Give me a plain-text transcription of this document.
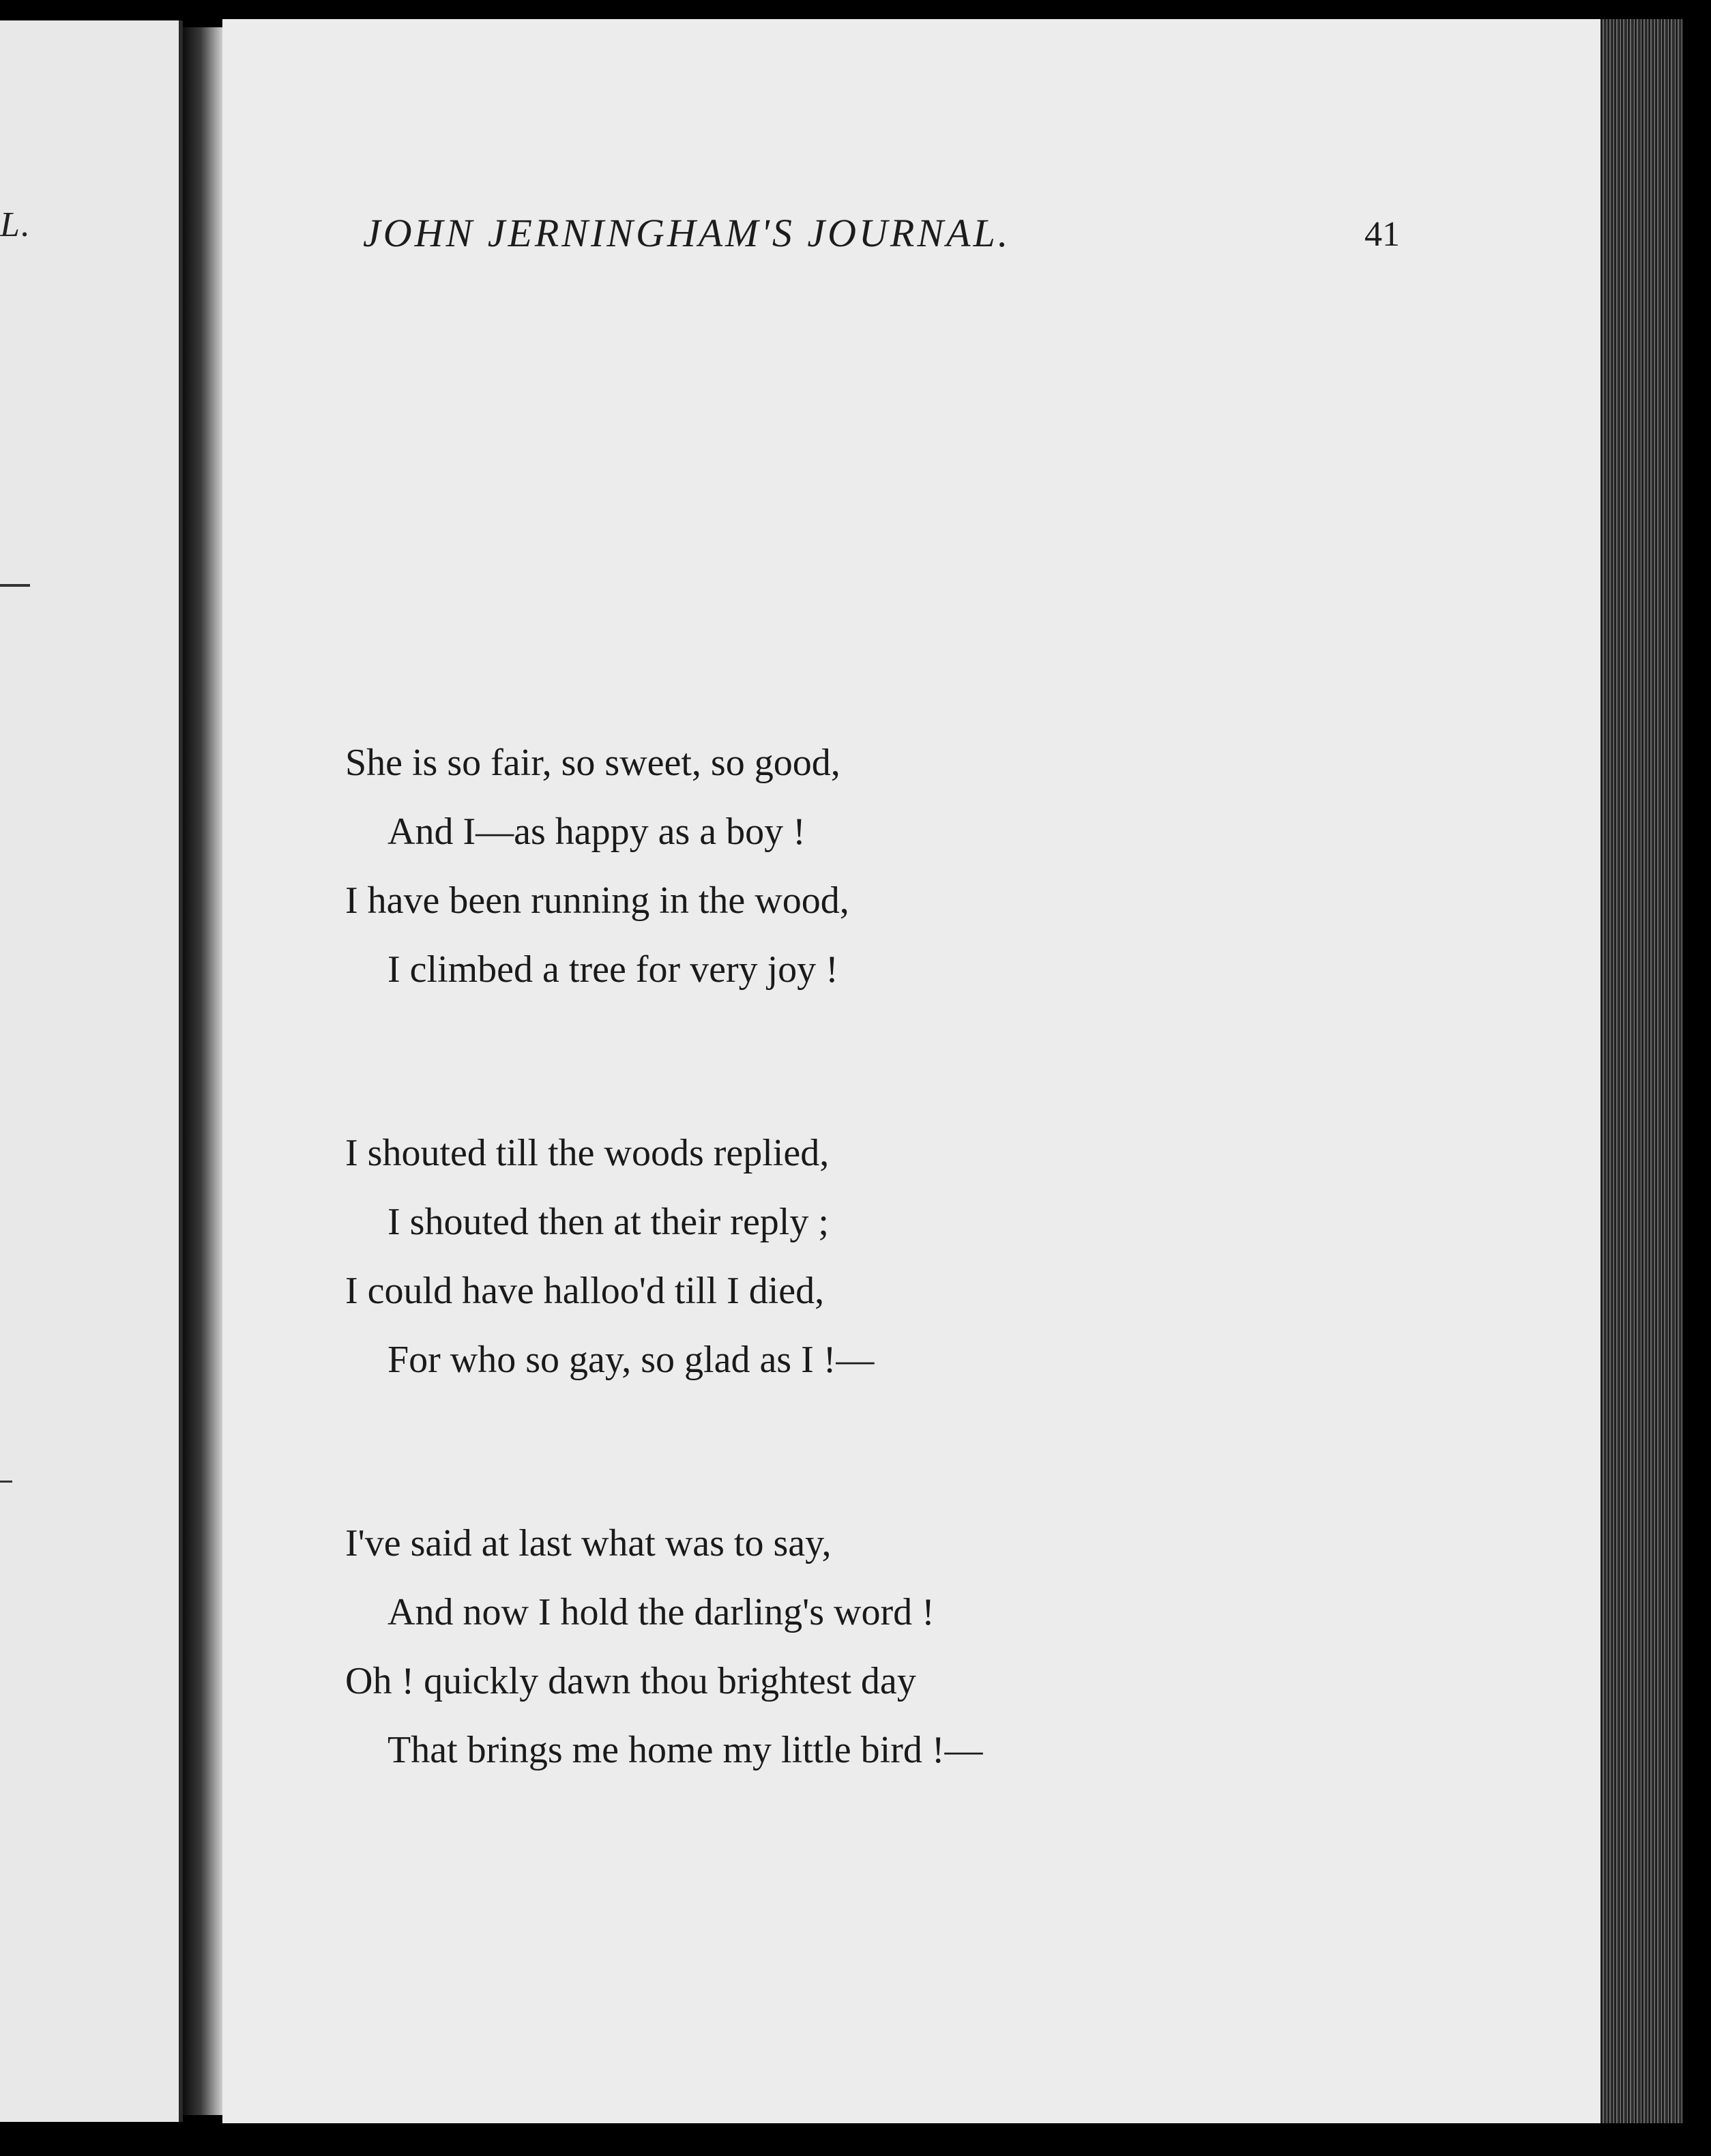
L.	JOHN JERNINGHAM'S JOURNAL.	41

She is so fair, so sweet, so good,
And I—as happy as a boy !
I have been running in the wood,
I climbed a tree for very joy !

I shouted till the woods replied,
I shouted then at their reply ;
I could have halloo'd till I died,
For who so gay, so glad as I !—

I've said at last what was to say,
And now I hold the darling's word !
Oh ! quickly dawn thou brightest day
That brings me home my little bird !—
